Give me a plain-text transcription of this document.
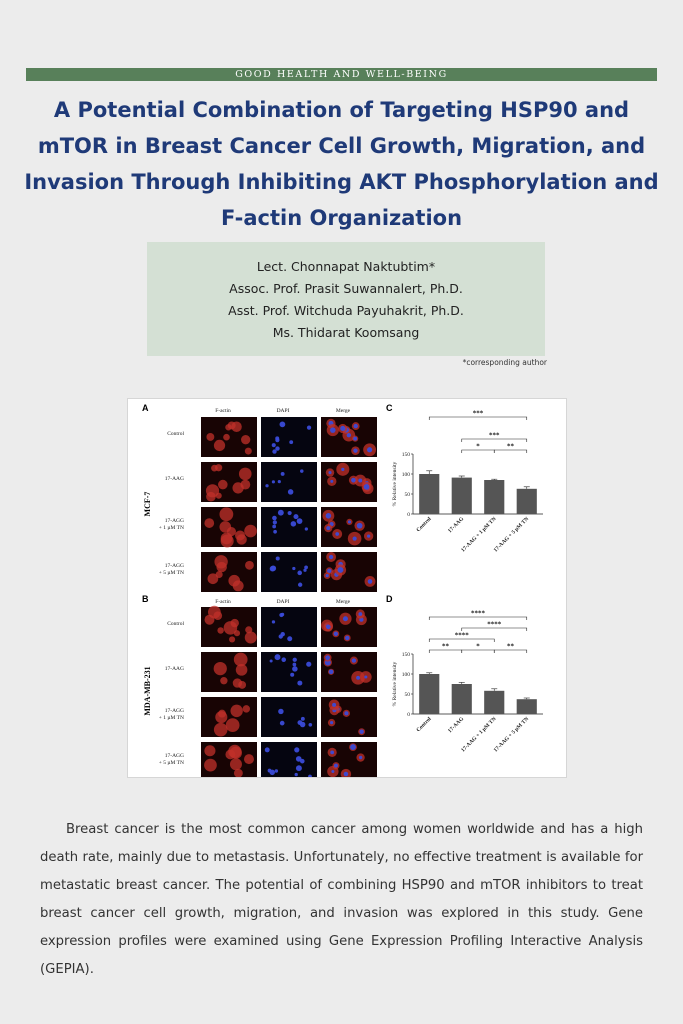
GOOD HEALTH AND WELL-BEING
A Potential Combination of Targeting HSP90 and mTOR in Breast Cancer Cell Growth, Migration, and Invasion Through Inhibiting AKT Phosphorylation and F-actin Organization
Lect. Chonnapat Naktubtim*
Assoc. Prof. Prasit Suwannalert, Ph.D.
Asst. Prof. Witchuda Payuhakrit, Ph.D.
Ms. Thidarat Koomsang
*corresponding author
A
B
C
D
F-actin	DAPI	Merge
F-actin	DAPI	Merge
MCF-7
MDA-MB-231
Control
17-AAG
17-AGG
+ 1 µM TN
17-AGG
+ 5 µM TN
Control
17-AAG
17-AGG
+ 1 µM TN
17-AGG
+ 5 µM TN
0
50
100
150
% Relative intensity
Control	17-AAG
17-AAG + 1 µM TN
17-AAG + 5 µM TN
*	**
***
***
0
50
100
150
% Relative intensity
Control	17-AAG
17-AAG + 1 µM TN
17-AAG + 5 µM TN
**	*	**
****
****
****

Breast cancer is the most common cancer among women worldwide and has a high death rate, mainly due to metastasis. Unfortunately, no effective treatment is available for metastatic breast cancer. The potential of combining HSP90 and mTOR inhibitors to treat breast cancer cell growth, migration, and invasion was explored in this study. Gene expression profiles were examined using Gene Expression Profiling Interactive Analysis (GEPIA).
